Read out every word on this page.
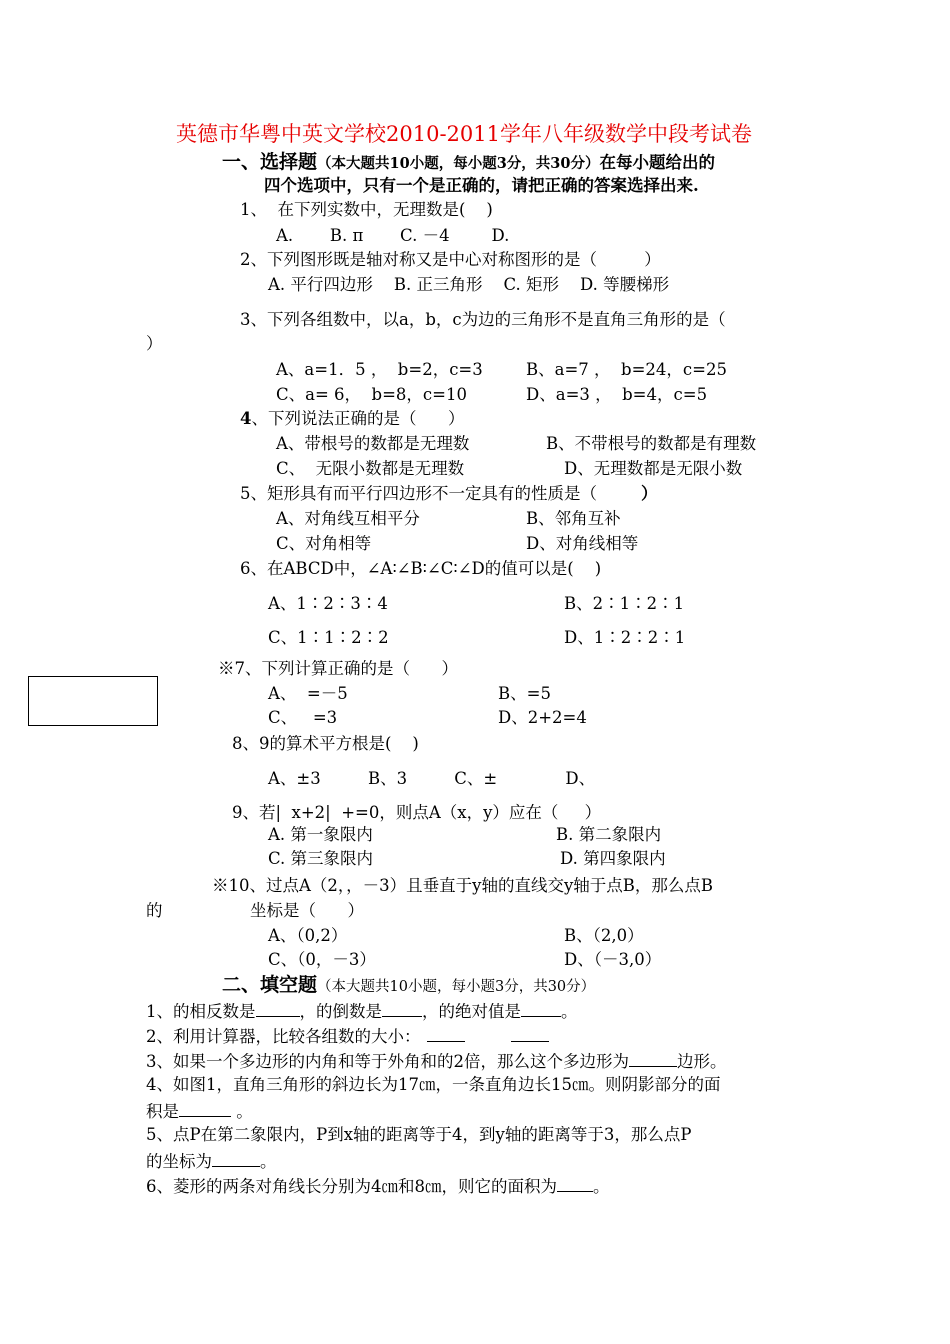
英德市华粤中英文学校2010-2011学年八年级数学中段考试卷
一、选择题（本大题共10小题，每小题3分，共30分）在每小题给出的
四个选项中，只有一个是正确的，请把正确的答案选择出来.
1、  在下列实数中，无理数是(    )
A.       B. π       C. －4        D.
2、下列图形既是轴对称又是中心对称图形的是（         ）
A. 平行四边形    B. 正三角形    C. 矩形    D. 等腰梯形
3、下列各组数中，以a，b，c为边的三角形不是直角三角形的是（
）
A、a=1．5 ，  b=2，c=3	B、a=7 ，  b=24，c=25
C、a= 6，  b=8，c=10	D、a=3 ，  b=4，c=5
4、下列说法正确的是（      ）
A、带根号的数都是无理数	B、不带根号的数都是有理数
C、  无限小数都是无理数	D、无理数都是无限小数
5、矩形具有而平行四边形不一定具有的性质是（	）
A、对角线互相平分	B、邻角互补
C、对角相等	D、对角线相等
6、在ABCD中，∠A∶∠B∶∠C∶∠D的值可以是(    )
A、1∶2∶3∶4	B、2∶1∶2∶1
C、1∶1∶2∶2	D、1∶2∶2∶1
※7、下列计算正确的是（      ）
A、  =－5	B、=5
C、   =3	D、2+2=4
8、9的算术平方根是(    )
A、±3         B、3         C、±             D、
9、若|  x+2|  +=0，则点A（x，y）应在（     ）
A. 第一象限内	B. 第二象限内
C. 第三象限内	D. 第四象限内
※10、过点A（2，，－3）且垂直于y轴的直线交y轴于点B，那么点B
的	坐标是（      ）
A、（0,2）	B、（2,0）
C、（0，－3）	D、（－3,0）
二、填空题（本大题共10小题，每小题3分，共30分）
1、的相反数是	，的倒数是 ，的绝对值是 。
2、利用计算器，比较各组数的大小：
3、如果一个多边形的内角和等于外角和的2倍，那么这个多边形为	边形。
4、如图1，直角三角形的斜边长为17㎝，一条直角边长15㎝。则阴影部分的面
积是	。
5、点P在第二象限内，P到x轴的距离等于4，到y轴的距离等于3，那么点P
的坐标为	。
6、菱形的两条对角线长分别为4㎝和8㎝，则它的面积为 。
